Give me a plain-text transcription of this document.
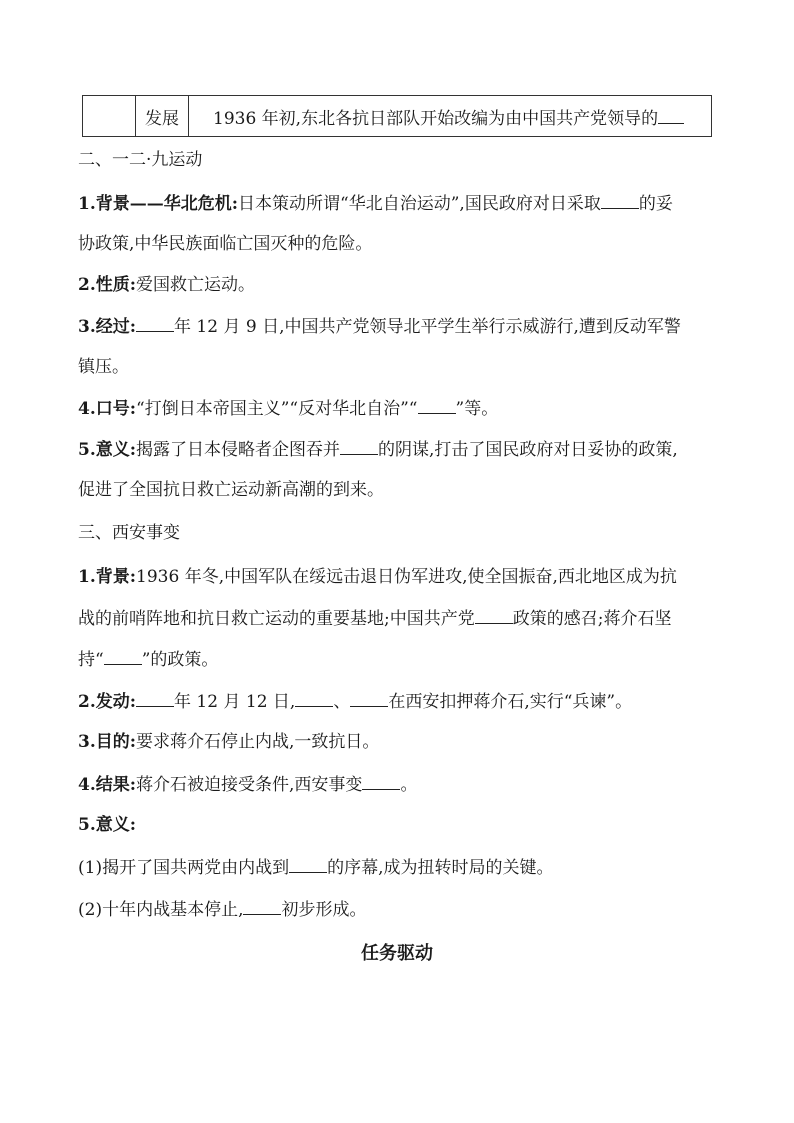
	发展	1936 年初,东北各抗日部队开始改编为由中国共产党领导的
二、一二·九运动
1.背景——华北危机:日本策动所谓“华北自治运动”,国民政府对日采取 的妥
协政策,中华民族面临亡国灭种的危险。
2.性质:爱国救亡运动。
3.经过: 年 12 月 9 日,中国共产党领导北平学生举行示威游行,遭到反动军警
镇压。
4.口号:“打倒日本帝国主义”“反对华北自治”“ ”等。
5.意义:揭露了日本侵略者企图吞并 的阴谋,打击了国民政府对日妥协的政策,
促进了全国抗日救亡运动新高潮的到来。
三、西安事变
1.背景:1936 年冬,中国军队在绥远击退日伪军进攻,使全国振奋,西北地区成为抗
战的前哨阵地和抗日救亡运动的重要基地;中国共产党 政策的感召;蒋介石坚
持“ ”的政策。
2.发动: 年 12 月 12 日, 、 在西安扣押蒋介石,实行“兵谏”。
3.目的:要求蒋介石停止内战,一致抗日。
4.结果:蒋介石被迫接受条件,西安事变 。
5.意义:
(1)揭开了国共两党由内战到 的序幕,成为扭转时局的关键。
(2)十年内战基本停止, 初步形成。
任务驱动
